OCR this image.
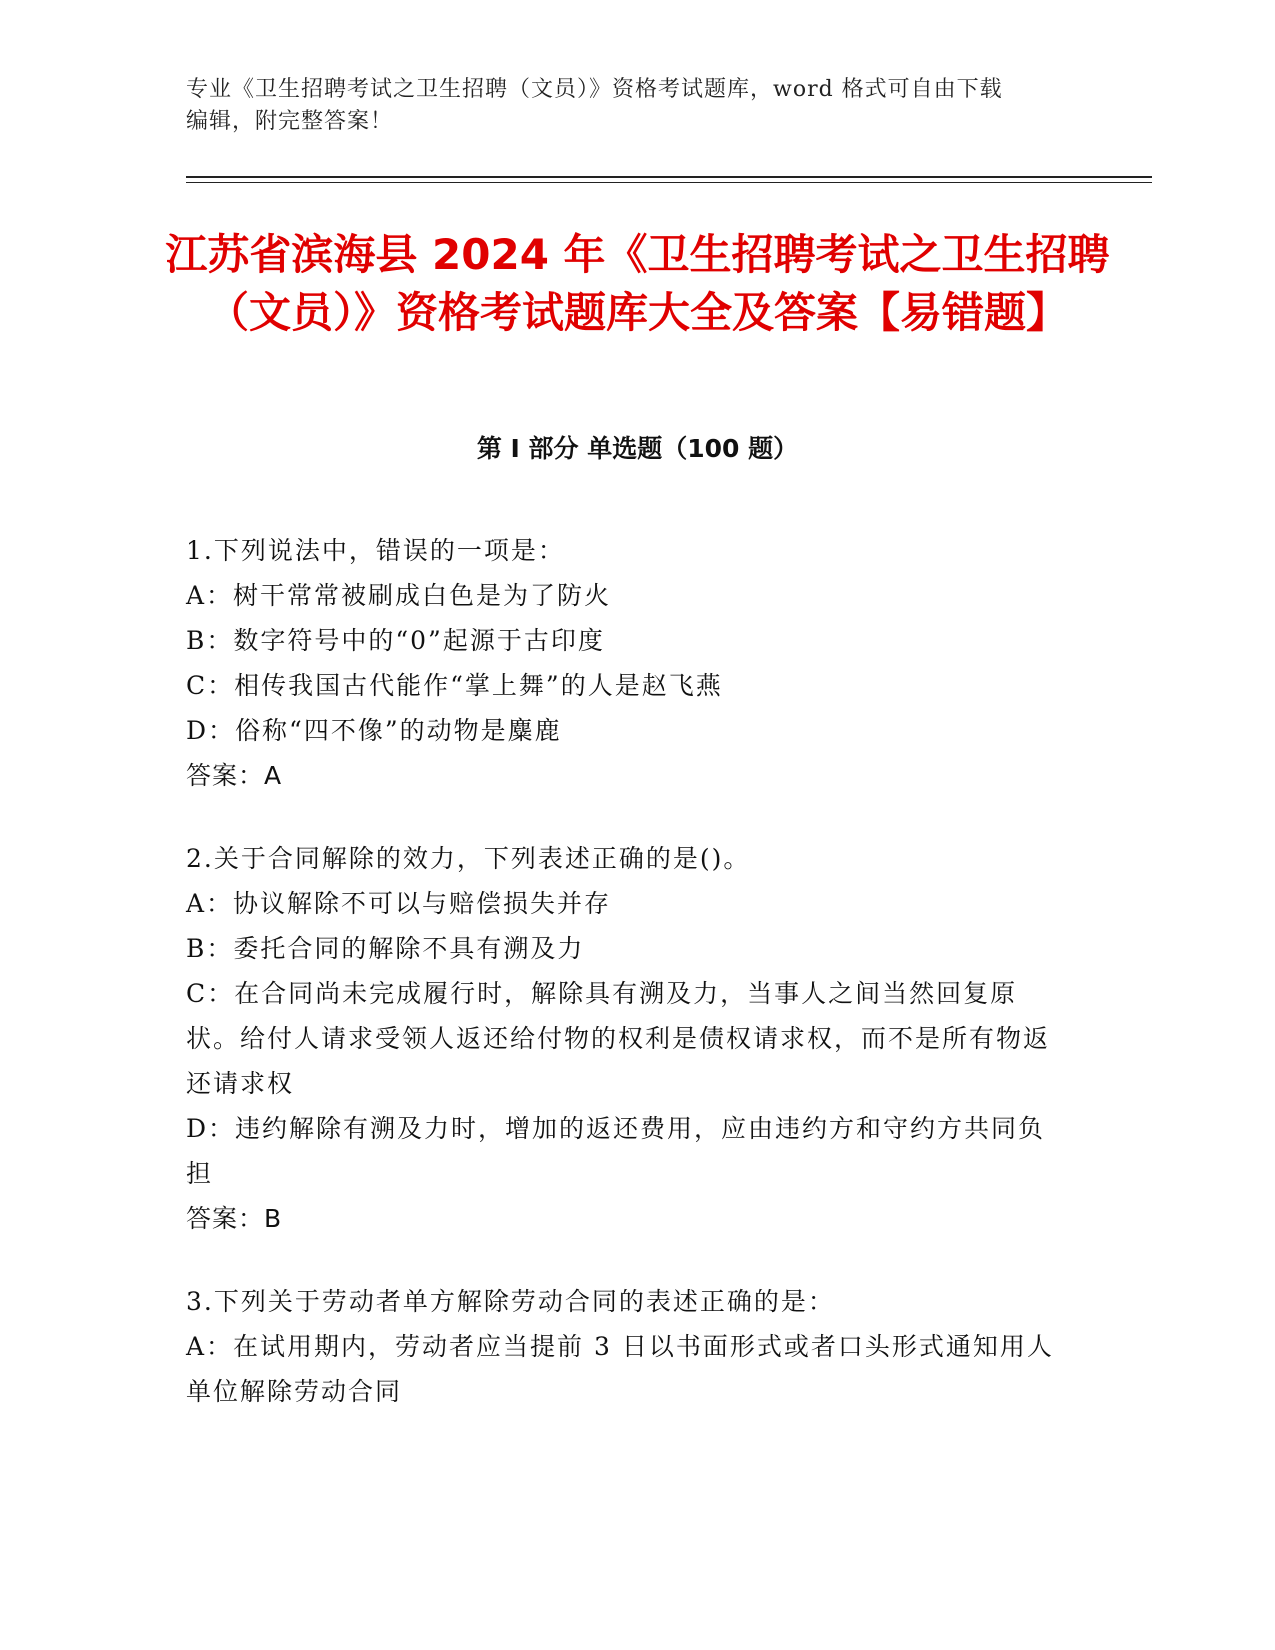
专业《卫生招聘考试之卫生招聘（文员）》资格考试题库，word 格式可自由下载
编辑，附完整答案！
江苏省滨海县 2024 年《卫生招聘考试之卫生招聘（文员）》资格考试题库大全及答案【易错题】
第 I 部分 单选题（100 题）
1.下列说法中，错误的一项是：
A：树干常常被刷成白色是为了防火
B：数字符号中的“0”起源于古印度
C：相传我国古代能作“掌上舞”的人是赵飞燕
D：俗称“四不像”的动物是麋鹿
答案：A
2.关于合同解除的效力，下列表述正确的是()。
A：协议解除不可以与赔偿损失并存
B：委托合同的解除不具有溯及力
C：在合同尚未完成履行时，解除具有溯及力，当事人之间当然回复原状。给付人请求受领人返还给付物的权利是债权请求权，而不是所有物返还请求权
D：违约解除有溯及力时，增加的返还费用，应由违约方和守约方共同负担
答案：B
3.下列关于劳动者单方解除劳动合同的表述正确的是：
A：在试用期内，劳动者应当提前 3 日以书面形式或者口头形式通知用人单位解除劳动合同
